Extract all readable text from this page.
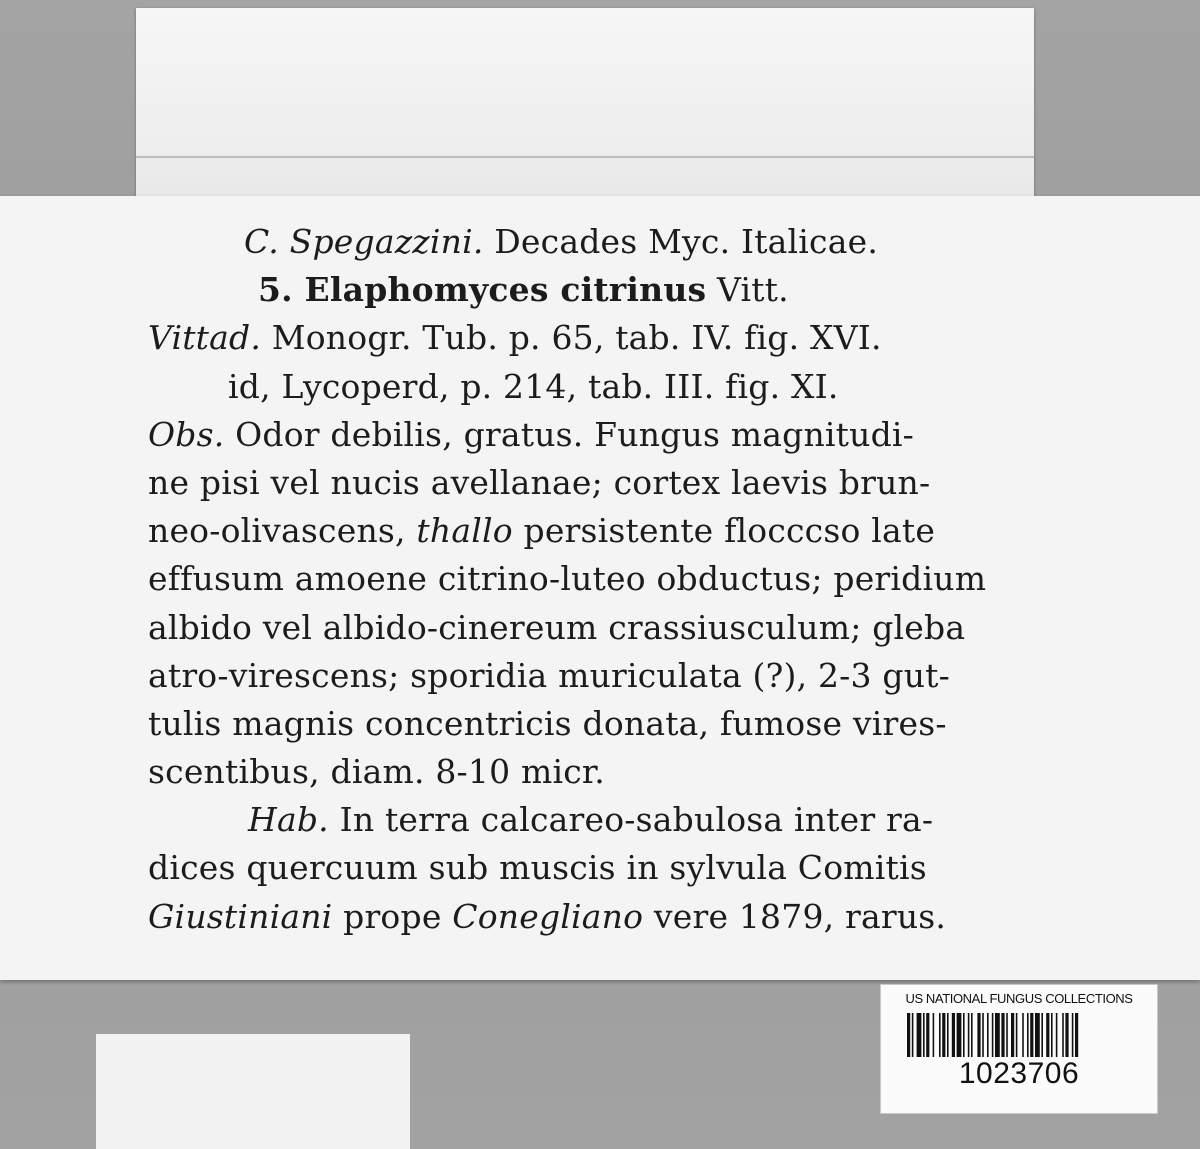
C. Spegazzini. Decades Myc. Italicae.
5. Elaphomyces citrinus Vitt.
Vittad. Monogr. Tub. p. 65, tab. IV. fig. XVI.
id, Lycoperd, p. 214, tab. III. fig. XI.
Obs. Odor debilis, gratus. Fungus magnitudi-
ne pisi vel nucis avellanae; cortex laevis brun-
neo-olivascens, thallo persistente flocccso late
effusum amoene citrino-luteo obductus; peridium
albido vel albido-cinereum crassiusculum; gleba
atro-virescens; sporidia muriculata (?), 2-3 gut-
tulis magnis concentricis donata, fumose vires-
scentibus, diam. 8-10 micr.
Hab. In terra calcareo-sabulosa inter ra-
dices quercuum sub muscis in sylvula Comitis
Giustiniani prope Conegliano vere 1879, rarus.
US NATIONAL FUNGUS COLLECTIONS
1023706
